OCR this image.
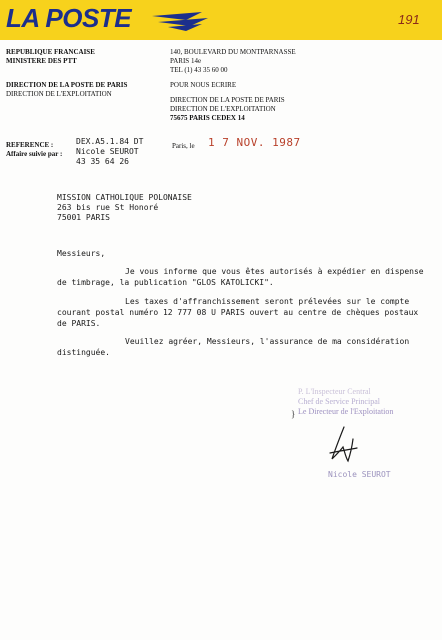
LA POSTE	191
REPUBLIQUE FRANCAISE
MINISTERE DES PTT
DIRECTION DE LA POSTE DE PARIS
DIRECTION DE L'EXPLOITATION
140, BOULEVARD DU MONTPARNASSE
PARIS 14e
TEL (1) 43 35 60 00
POUR NOUS ECRIRE
DIRECTION DE LA POSTE DE PARIS
DIRECTION DE L'EXPLOITATION
75675 PARIS CEDEX 14
REFERENCE :
Affaire suivie par :
DEX.A5.1.84 DT
Nicole SEUROT
43 35 64 26
Paris, le 1 7 NOV. 1987
MISSION CATHOLIQUE POLONAISE
263 bis rue St Honoré
75001 PARIS
Messieurs,

Je vous informe que vous êtes autorisés à expédier en dispense

de timbrage, la publication "GLOS KATOLICKI".

Les taxes d'affranchissement seront prélevées sur le compte

courant postal numéro 12 777 08 U PARIS ouvert au centre de chèques postaux

de PARIS.

Veuillez agréer, Messieurs, l'assurance de ma considération

distinguée.

P. L'Inspecteur Central
Chef de Service Principal
Le Directeur de l'Exploitation
}
Nicole SEUROT
